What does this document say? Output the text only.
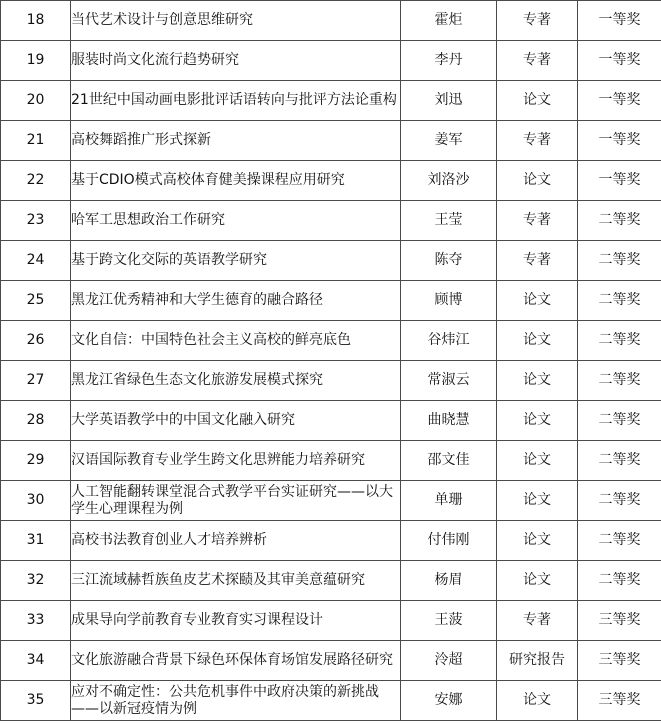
18	当代艺术设计与创意思维研究	霍炬	专著	一等奖
19	服装时尚文化流行趋势研究	李丹	专著	一等奖
20	21世纪中国动画电影批评话语转向与批评方法论重构	刘迅	论文	一等奖
21	高校舞蹈推广形式探新	姜军	专著	一等奖
22	基于CDIO模式高校体育健美操课程应用研究	刘洛沙	论文	一等奖
23	哈军工思想政治工作研究	王莹	专著	二等奖
24	基于跨文化交际的英语教学研究	陈夺	专著	二等奖
25	黑龙江优秀精神和大学生德育的融合路径	顾博	论文	二等奖
26	文化自信：中国特色社会主义高校的鲜亮底色	谷炜江	论文	二等奖
27	黑龙江省绿色生态文化旅游发展模式探究	常淑云	论文	二等奖
28	大学英语教学中的中国文化融入研究	曲晓慧	论文	二等奖
29	汉语国际教育专业学生跨文化思辨能力培养研究	邵文佳	论文	二等奖
30	人工智能翻转课堂混合式教学平台实证研究——以大学生心理课程为例	单珊	论文	二等奖
31	高校书法教育创业人才培养辨析	付伟刚	论文	二等奖
32	三江流域赫哲族鱼皮艺术探赜及其审美意蕴研究	杨眉	论文	二等奖
33	成果导向学前教育专业教育实习课程设计	王菠	专著	三等奖
34	文化旅游融合背景下绿色环保体育场馆发展路径研究	泠超	研究报告	三等奖
35	应对不确定性：公共危机事件中政府决策的新挑战——以新冠疫情为例	安娜	论文	三等奖
